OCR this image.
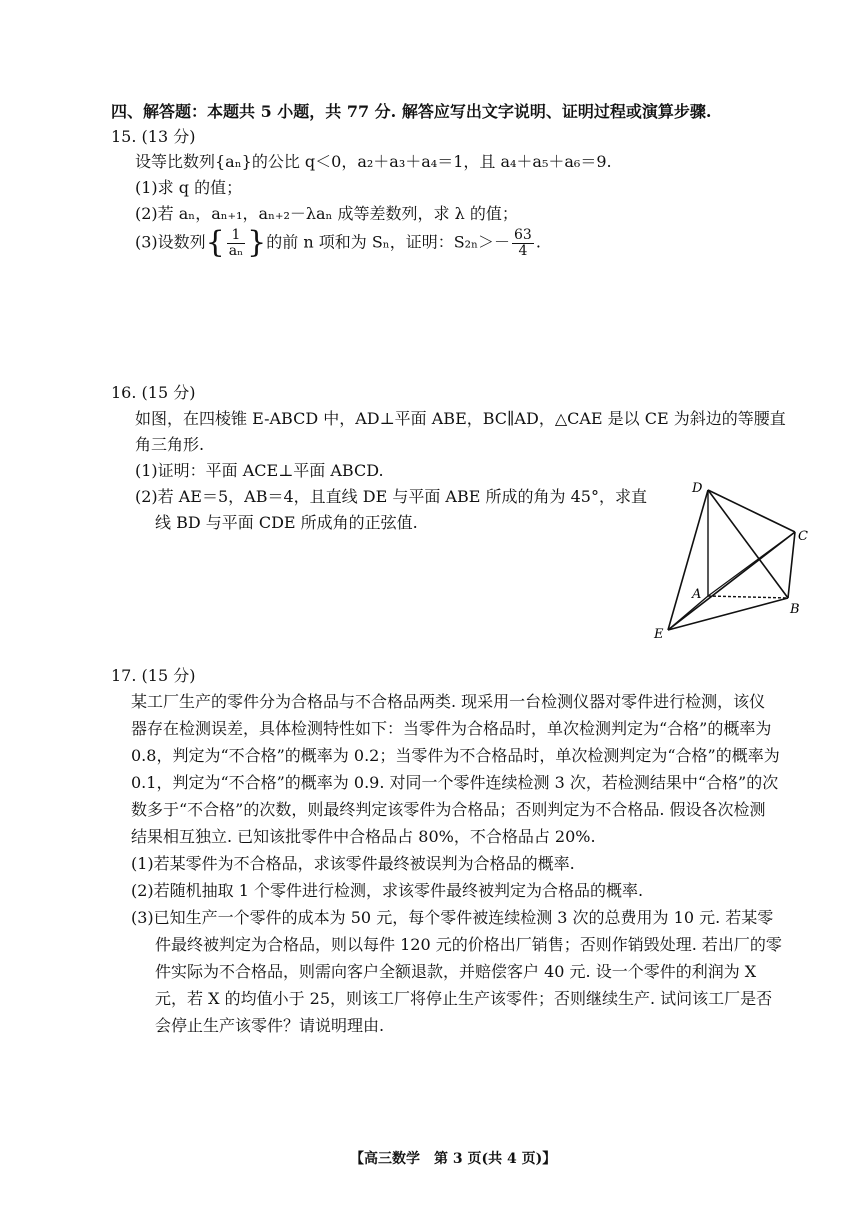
四、解答题：本题共 5 小题，共 77 分. 解答应写出文字说明、证明过程或演算步骤.
15. (13 分)
设等比数列{aₙ}的公比 q＜0，a₂＋a₃＋a₄＝1，且 a₄＋a₅＋a₆＝9.
(1)求 q 的值；
(2)若 aₙ，aₙ₊₁，aₙ₊₂－λaₙ 成等差数列，求 λ 的值；
(3)设数列{ $\frac{1}{\text{aₙ}}$ }的前 n 项和为 Sₙ，证明：$S_{2n}>- \frac{63}{4}$ .
16. (15 分)
如图，在四棱锥 E-ABCD 中，AD⊥平面 ABE，BC∥AD，△CAE 是以 CE 为斜边的等腰直
角三角形.
(1)证明：平面 ACE⊥平面 ABCD.
(2)若 AE＝5，AB＝4，且直线 DE 与平面 ABE 所成的角为 45°，求直
线 BD 与平面 CDE 所成角的正弦值.
D
C
A
B
E
17. (15 分)
某工厂生产的零件分为合格品与不合格品两类. 现采用一台检测仪器对零件进行检测，该仪
器存在检测误差，具体检测特性如下：当零件为合格品时，单次检测判定为“合格”的概率为
0.8，判定为“不合格”的概率为 0.2；当零件为不合格品时，单次检测判定为“合格”的概率为
0.1，判定为“不合格”的概率为 0.9. 对同一个零件连续检测 3 次，若检测结果中“合格”的次
数多于“不合格”的次数，则最终判定该零件为合格品；否则判定为不合格品. 假设各次检测
结果相互独立. 已知该批零件中合格品占 80%，不合格品占 20%.
(1)若某零件为不合格品，求该零件最终被误判为合格品的概率.
(2)若随机抽取 1 个零件进行检测，求该零件最终被判定为合格品的概率.
(3)已知生产一个零件的成本为 50 元，每个零件被连续检测 3 次的总费用为 10 元. 若某零
件最终被判定为合格品，则以每件 120 元的价格出厂销售；否则作销毁处理. 若出厂的零
件实际为不合格品，则需向客户全额退款，并赔偿客户 40 元. 设一个零件的利润为 X
元，若 X 的均值小于 25，则该工厂将停止生产该零件；否则继续生产. 试问该工厂是否
会停止生产该零件？请说明理由.
【高三数学　第 3 页(共 4 页)】
